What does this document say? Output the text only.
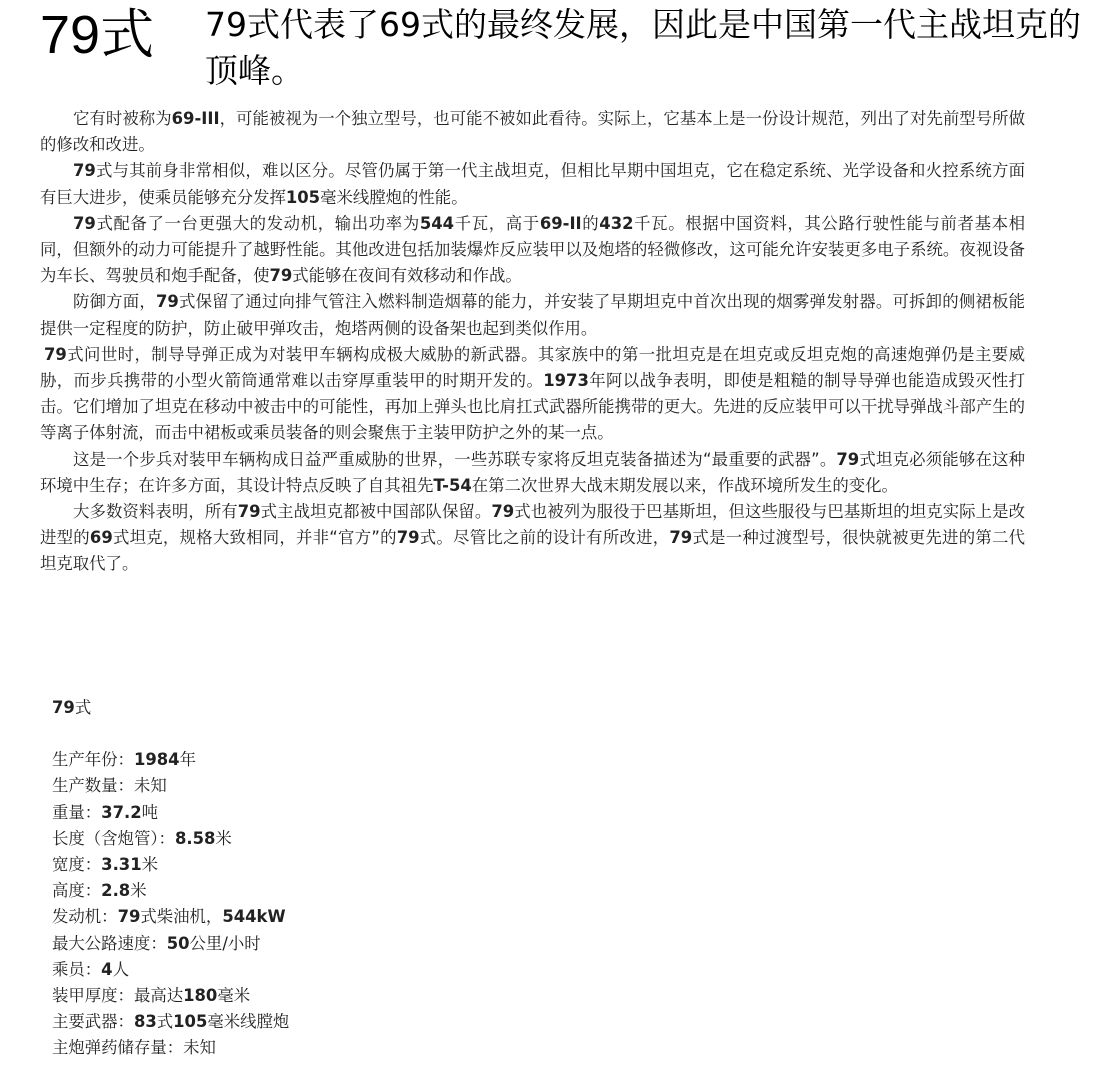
79式 79式代表了69式的最终发展，因此是中国第一代主战坦克的顶峰。

它有时被称为69-III，可能被视为一个独立型号，也可能不被如此看待。实际上，它基本上是一份设计规范，列出了对先前型号所做的修改和改进。

79式与其前身非常相似，难以区分。尽管仍属于第一代主战坦克，但相比早期中国坦克，它在稳定系统、光学设备和火控系统方面有巨大进步，使乘员能够充分发挥105毫米线膛炮的性能。

79式配备了一台更强大的发动机，输出功率为544千瓦，高于69-II的432千瓦。根据中国资料，其公路行驶性能与前者基本相同，但额外的动力可能提升了越野性能。其他改进包括加装爆炸反应装甲以及炮塔的轻微修改，这可能允许安装更多电子系统。夜视设备为车长、驾驶员和炮手配备，使79式能够在夜间有效移动和作战。

防御方面，79式保留了通过向排气管注入燃料制造烟幕的能力，并安装了早期坦克中首次出现的烟雾弹发射器。可拆卸的侧裙板能提供一定程度的防护，防止破甲弹攻击，炮塔两侧的设备架也起到类似作用。

79式问世时，制导导弹正成为对装甲车辆构成极大威胁的新武器。其家族中的第一批坦克是在坦克或反坦克炮的高速炮弹仍是主要威胁，而步兵携带的小型火箭筒通常难以击穿厚重装甲的时期开发的。1973年阿以战争表明，即使是粗糙的制导导弹也能造成毁灭性打击。它们增加了坦克在移动中被击中的可能性，再加上弹头也比肩扛式武器所能携带的更大。先进的反应装甲可以干扰导弹战斗部产生的等离子体射流，而击中裙板或乘员装备的则会聚焦于主装甲防护之外的某一点。

这是一个步兵对装甲车辆构成日益严重威胁的世界，一些苏联专家将反坦克装备描述为“最重要的武器”。79式坦克必须能够在这种环境中生存；在许多方面，其设计特点反映了自其祖先T-54在第二次世界大战末期发展以来，作战环境所发生的变化。

大多数资料表明，所有79式主战坦克都被中国部队保留。79式也被列为服役于巴基斯坦，但这些服役与巴基斯坦的坦克实际上是改进型的69式坦克，规格大致相同，并非“官方”的79式。尽管比之前的设计有所改进，79式是一种过渡型号，很快就被更先进的第二代坦克取代了。

79式
生产年份：1984年
生产数量：未知
重量：37.2吨
长度（含炮管）：8.58米
宽度：3.31米
高度：2.8米
发动机：79式柴油机，544kW
最大公路速度：50公里/小时
乘员：4人
装甲厚度：最高达180毫米
主要武器：83式105毫米线膛炮
主炮弹药储存量：未知
